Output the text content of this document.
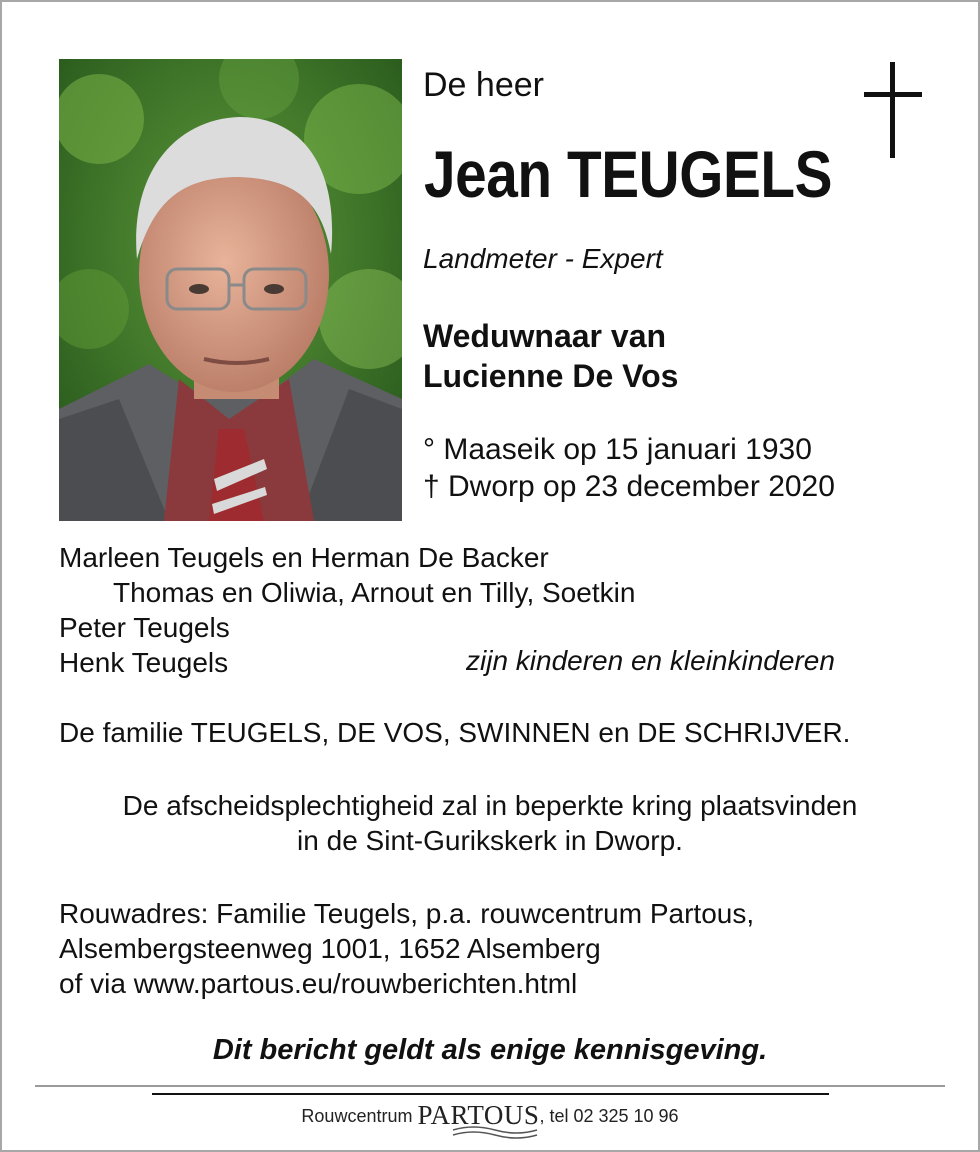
De heer
Jean TEUGELS
Landmeter - Expert
Weduwnaar van
Lucienne De Vos
° Maaseik op 15 januari 1930
† Dworp op 23 december 2020
Marleen Teugels en Herman De Backer
Thomas en Oliwia, Arnout en Tilly, Soetkin
Peter Teugels
Henk Teugels	zijn kinderen en kleinkinderen
De familie TEUGELS, DE VOS, SWINNEN en DE SCHRIJVER.
De afscheidsplechtigheid zal in beperkte kring plaatsvinden
in de Sint-Gurikskerk in Dworp.
Rouwadres: Familie Teugels, p.a. rouwcentrum Partous,
Alsembergsteenweg 1001, 1652 Alsemberg
of via www.partous.eu/rouwberichten.html
Dit bericht geldt als enige kennisgeving.
Rouwcentrum PARTOUS
, tel 02 325 10 96
